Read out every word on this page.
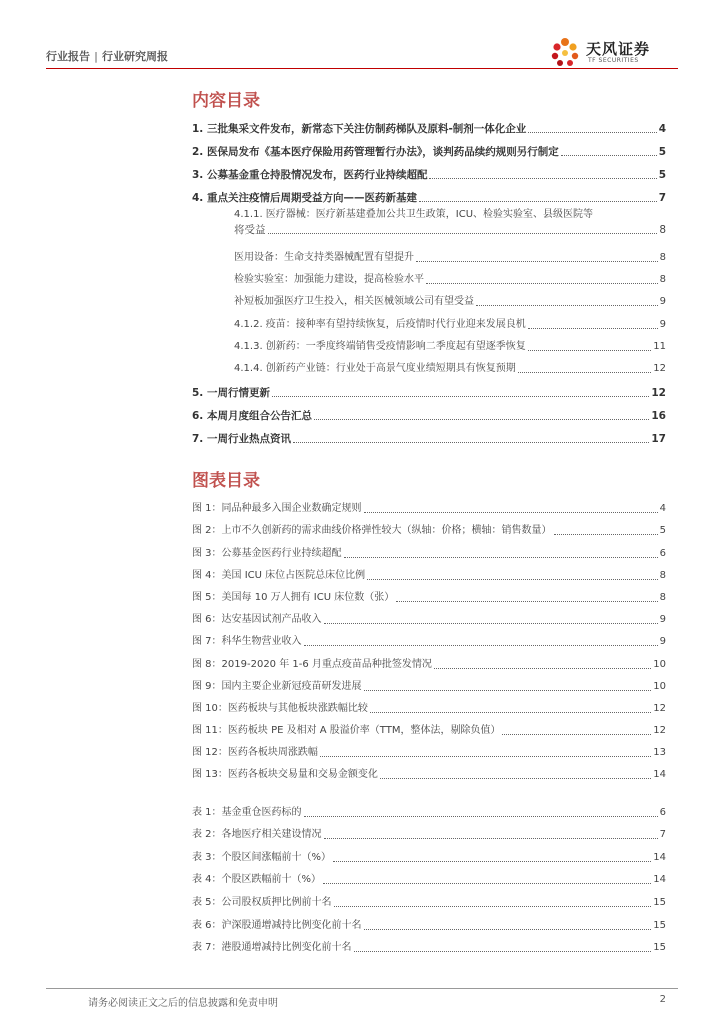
行业报告 | 行业研究周报	天风证券
TF SECURITIES
内容目录
1. 三批集采文件发布，新常态下关注仿制药梯队及原料-制剂一体化企业	4
2. 医保局发布《基本医疗保险用药管理暂行办法》，谈判药品续约规则另行制定	5
3. 公募基金重仓持股情况发布，医药行业持续超配	5
4. 重点关注疫情后周期受益方向——医药新基建	7
4.1.1. 医疗器械：医疗新基建叠加公共卫生政策，ICU、检验实验室、县级医院等
将受益	8
医用设备：生命支持类器械配置有望提升	8
检验实验室：加强能力建设，提高检验水平	8
补短板加强医疗卫生投入，相关医械领域公司有望受益	9
4.1.2. 疫苗：接种率有望持续恢复，后疫情时代行业迎来发展良机	9
4.1.3. 创新药：一季度终端销售受疫情影响二季度起有望逐季恢复	11
4.1.4. 创新药产业链：行业处于高景气度业绩短期具有恢复预期	12
5. 一周行情更新	12
6. 本周月度组合公告汇总	16
7. 一周行业热点资讯	17
图表目录
图 1：同品种最多入围企业数确定规则	4
图 2：上市不久创新药的需求曲线价格弹性较大（纵轴：价格；横轴：销售数量）	5
图 3：公募基金医药行业持续超配	6
图 4：美国 ICU 床位占医院总床位比例	8
图 5：美国每 10 万人拥有 ICU 床位数（张）	8
图 6：达安基因试剂产品收入	9
图 7：科华生物营业收入	9
图 8：2019-2020 年 1-6 月重点疫苗品种批签发情况	10
图 9：国内主要企业新冠疫苗研发进展	10
图 10：医药板块与其他板块涨跌幅比较	12
图 11：医药板块 PE 及相对 A 股溢价率（TTM，整体法，剔除负值）	12
图 12：医药各板块周涨跌幅	13
图 13：医药各板块交易量和交易金额变化	14
表 1：基金重仓医药标的	6
表 2：各地医疗相关建设情况	7
表 3：个股区间涨幅前十（%）	14
表 4：个股区跌幅前十（%）	14
表 5：公司股权质押比例前十名	15
表 6：沪深股通增减持比例变化前十名	15
表 7：港股通增减持比例变化前十名	15
请务必阅读正文之后的信息披露和免责申明	2
